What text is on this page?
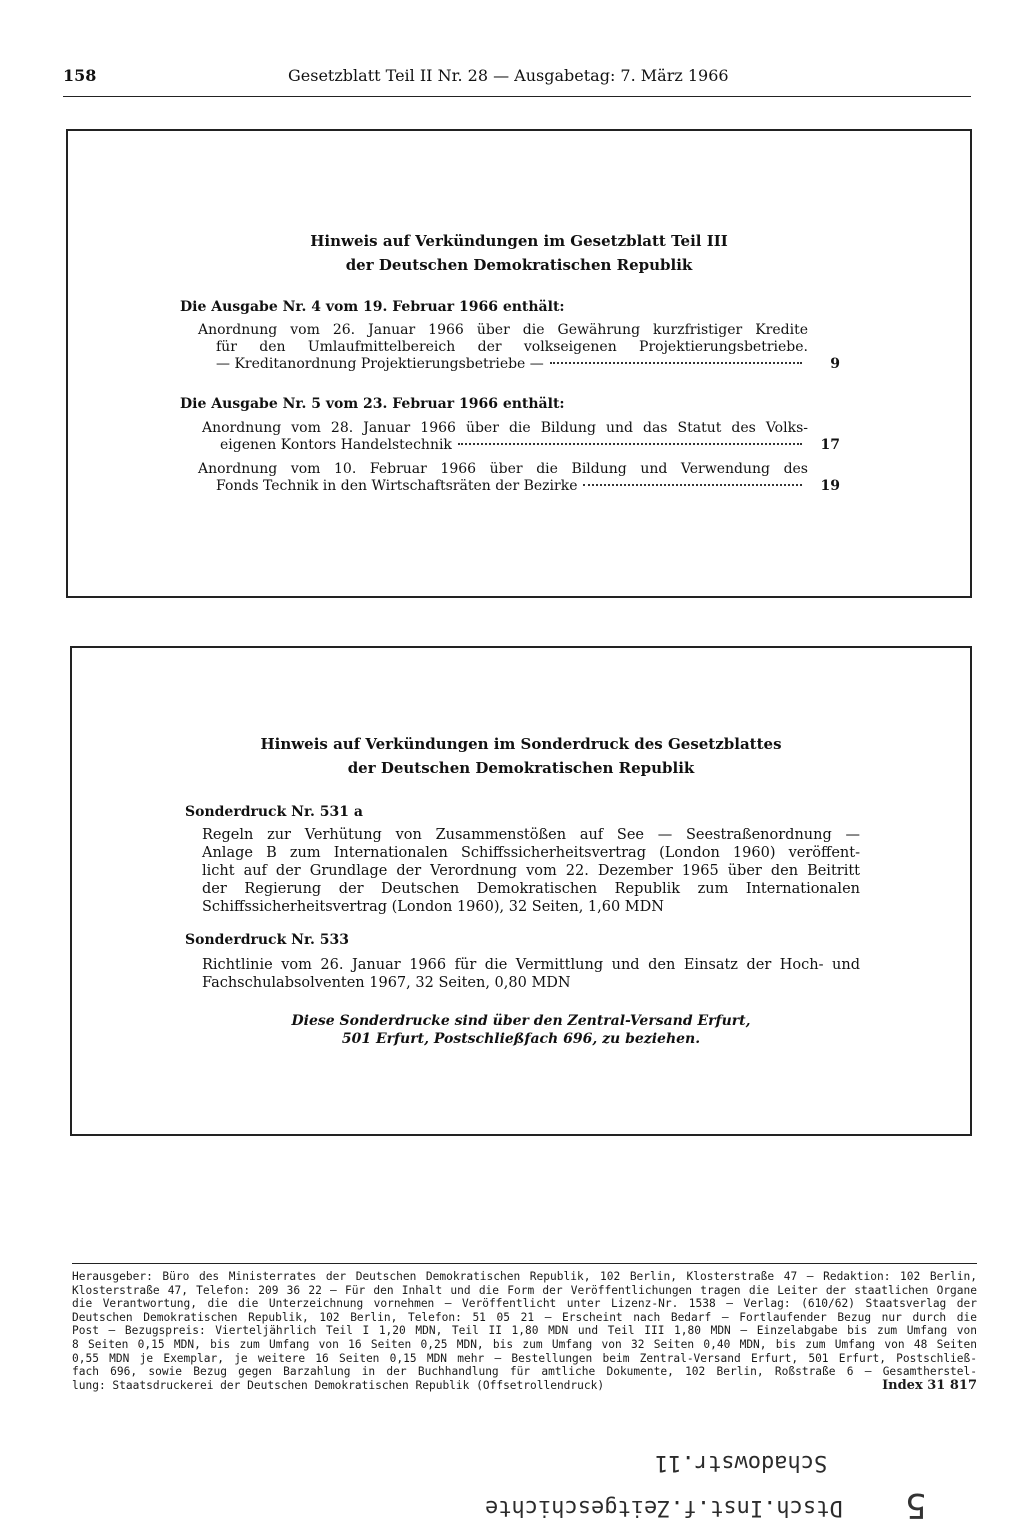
158	Gesetzblatt Teil II Nr. 28 — Ausgabetag: 7. März 1966
Hinweis auf Verkündungen im Gesetzblatt Teil III
der Deutschen Demokratischen Republik
Die Ausgabe Nr. 4 vom 19. Februar 1966 enthält:
Anordnung vom 26. Januar 1966 über die Gewährung kurzfristiger Kredite
für den Umlaufmittelbereich der volkseigenen Projektierungsbetriebe.
— Kreditanordnung Projektierungsbetriebe —	9
Die Ausgabe Nr. 5 vom 23. Februar 1966 enthält:
Anordnung vom 28. Januar 1966 über die Bildung und das Statut des Volks-
eigenen Kontors Handelstechnik	17
Anordnung vom 10. Februar 1966 über die Bildung und Verwendung des
Fonds Technik in den Wirtschaftsräten der Bezirke	19
Hinweis auf Verkündungen im Sonderdruck des Gesetzblattes
der Deutschen Demokratischen Republik
Sonderdruck Nr. 531 a
Regeln zur Verhütung von Zusammenstößen auf See — Seestraßenordnung —
Anlage B zum Internationalen Schiffssicherheitsvertrag (London 1960) veröffent-
licht auf der Grundlage der Verordnung vom 22. Dezember 1965 über den Beitritt
der Regierung der Deutschen Demokratischen Republik zum Internationalen
Schiffssicherheitsvertrag (London 1960), 32 Seiten, 1,60 MDN
Sonderdruck Nr. 533
Richtlinie vom 26. Januar 1966 für die Vermittlung und den Einsatz der Hoch- und
Fachschulabsolventen 1967, 32 Seiten, 0,80 MDN
Diese Sonderdrucke sind über den Zentral-Versand Erfurt,
501 Erfurt, Postschließfach 696, zu beziehen.
Herausgeber: Büro des Ministerrates der Deutschen Demokratischen Republik, 102 Berlin, Klosterstraße 47 — Redaktion: 102 Berlin,
Klosterstraße 47, Telefon: 209 36 22 — Für den Inhalt und die Form der Veröffentlichungen tragen die Leiter der staatlichen Organe
die Verantwortung, die die Unterzeichnung vornehmen — Veröffentlicht unter Lizenz-Nr. 1538 — Verlag: (610/62) Staatsverlag der
Deutschen Demokratischen Republik, 102 Berlin, Telefon: 51 05 21 — Erscheint nach Bedarf — Fortlaufender Bezug nur durch die
Post — Bezugspreis: Vierteljährlich Teil I 1,20 MDN, Teil II 1,80 MDN und Teil III 1,80 MDN — Einzelabgabe bis zum Umfang von
8 Seiten 0,15 MDN, bis zum Umfang von 16 Seiten 0,25 MDN, bis zum Umfang von 32 Seiten 0,40 MDN, bis zum Umfang von 48 Seiten
0,55 MDN je Exemplar, je weitere 16 Seiten 0,15 MDN mehr — Bestellungen beim Zentral-Versand Erfurt, 501 Erfurt, Postschließ-
fach 696, sowie Bezug gegen Barzahlung in der Buchhandlung für amtliche Dokumente, 102 Berlin, Roßstraße 6 — Gesamtherstel-
lung: Staatsdruckerei der Deutschen Demokratischen Republik (Offsetrollendruck)	Index 31 817
Schadowstr.11
Dtsch.Inst.f.Zeitgeschichte 5
